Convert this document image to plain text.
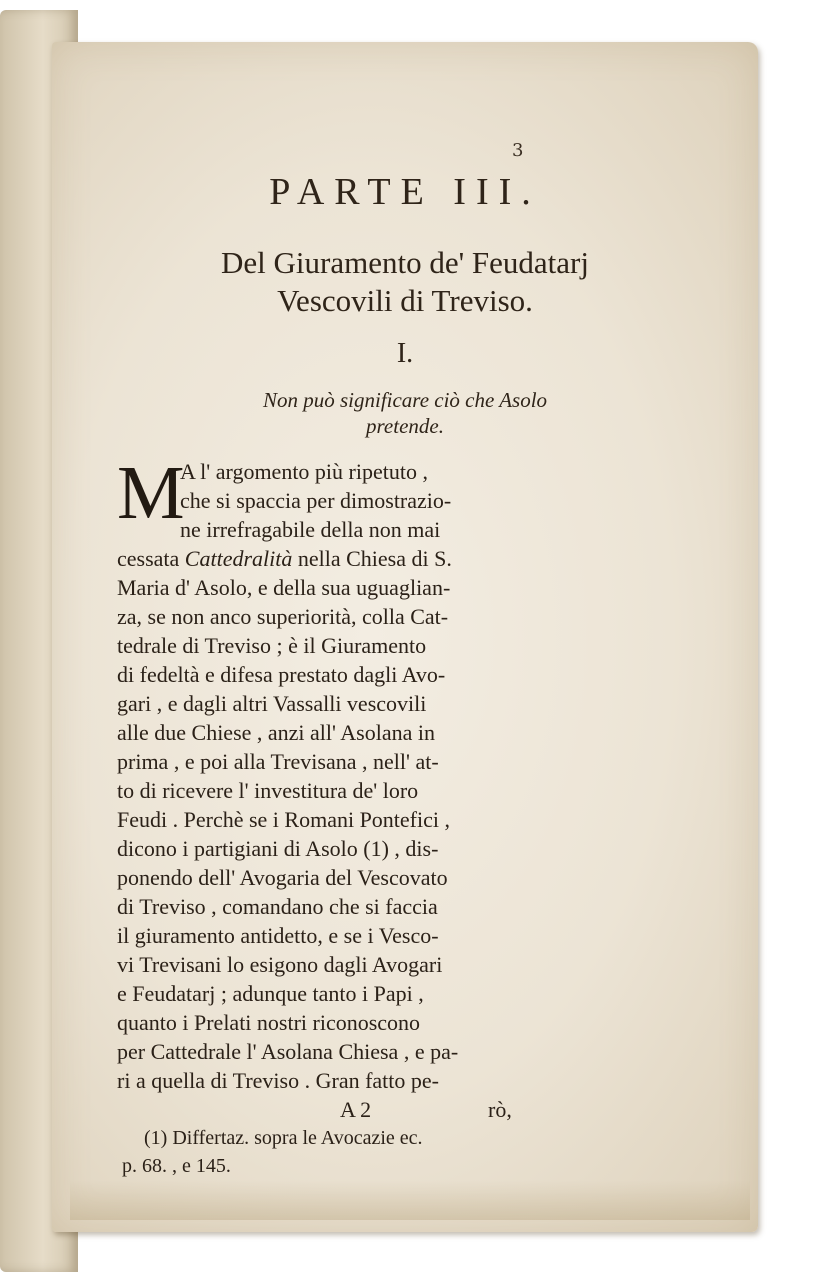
3
PARTE III.
Del Giuramento de' Feudatarj
Vescovili di Treviso.
I.
Non può significare ciò che Asolo
pretende.
M
A l' argomento più ripetuto ,
che si spaccia per dimostrazio-
ne irrefragabile della non mai
cessata Cattedralità nella Chiesa di S.
Maria d' Asolo, e della sua uguaglian-
za, se non anco superiorità, colla Cat-
tedrale di Treviso ; è il Giuramento
di fedeltà e difesa prestato dagli Avo-
gari , e dagli altri Vassalli vescovili
alle due Chiese , anzi all' Asolana in
prima , e poi alla Trevisana , nell' at-
to di ricevere l' investitura de' loro
Feudi . Perchè se i Romani Pontefici ,
dicono i partigiani di Asolo (1) , dis-
ponendo dell' Avogaria del Vescovato
di Treviso , comandano che si faccia
il giuramento antidetto, e se i Vesco-
vi Trevisani lo esigono dagli Avogari
e Feudatarj ; adunque tanto i Papi ,
quanto i Prelati nostri riconoscono
per Cattedrale l' Asolana Chiesa , e pa-
ri a quella di Treviso . Gran fatto pe-
A 2	rò,
(1) Differtaz. sopra le Avocazie ec.
p. 68. , e 145.
